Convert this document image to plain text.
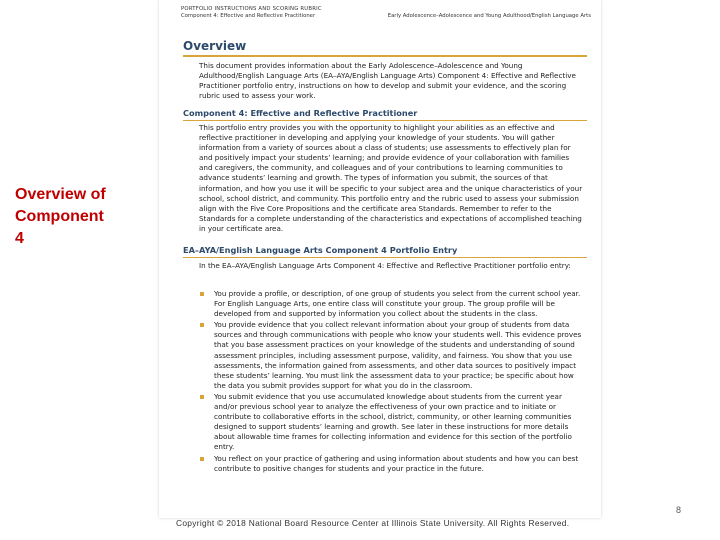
Overview of
Component
4
PORTFOLIO INSTRUCTIONS AND SCORING RUBRIC
Component 4: Effective and Reflective Practitioner	Early Adolescence–Adolescence and Young Adulthood/English Language Arts
Overview

This document provides information about the Early Adolescence–Adolescence and Young Adulthood/English Language Arts (EA–AYA/English Language Arts) Component 4: Effective and Reflective Practitioner portfolio entry, instructions on how to develop and submit your evidence, and the scoring rubric used to assess your work.

Component 4: Effective and Reflective Practitioner

This portfolio entry provides you with the opportunity to highlight your abilities as an effective and reflective practitioner in developing and applying your knowledge of your students. You will gather information from a variety of sources about a class of students; use assessments to effectively plan for and positively impact your students’ learning; and provide evidence of your collaboration with families and caregivers, the community, and colleagues and of your contributions to learning communities to advance students’ learning and growth. The types of information you submit, the sources of that information, and how you use it will be specific to your subject area and the unique characteristics of your school, school district, and community. This portfolio entry and the rubric used to assess your submission align with the Five Core Propositions and the certificate area Standards. Remember to refer to the Standards for a complete understanding of the characteristics and expectations of accomplished teaching in your certificate area.

EA–AYA/English Language Arts Component 4 Portfolio Entry

In the EA–AYA/English Language Arts Component 4: Effective and Reflective Practitioner portfolio entry:

You provide a profile, or description, of one group of students you select from the current school year. For English Language Arts, one entire class will constitute your group. The group profile will be developed from and supported by information you collect about the students in the class.
You provide evidence that you collect relevant information about your group of students from data sources and through communications with people who know your students well. This evidence proves that you base assessment practices on your knowledge of the students and understanding of sound assessment principles, including assessment purpose, validity, and fairness. You show that you use assessments, the information gained from assessments, and other data sources to positively impact these students’ learning. You must link the assessment data to your practice; be specific about how the data you submit provides support for what you do in the classroom.
You submit evidence that you use accumulated knowledge about students from the current year and/or previous school year to analyze the effectiveness of your own practice and to initiate or contribute to collaborative efforts in the school, district, community, or other learning communities designed to support students’ learning and growth. See later in these instructions for more details about allowable time frames for collecting information and evidence for this section of the portfolio entry.
You reflect on your practice of gathering and using information about students and how you can best contribute to positive changes for students and your practice in the future.
8
Copyright © 2018 National Board Resource Center at Illinois State University. All Rights Reserved.
